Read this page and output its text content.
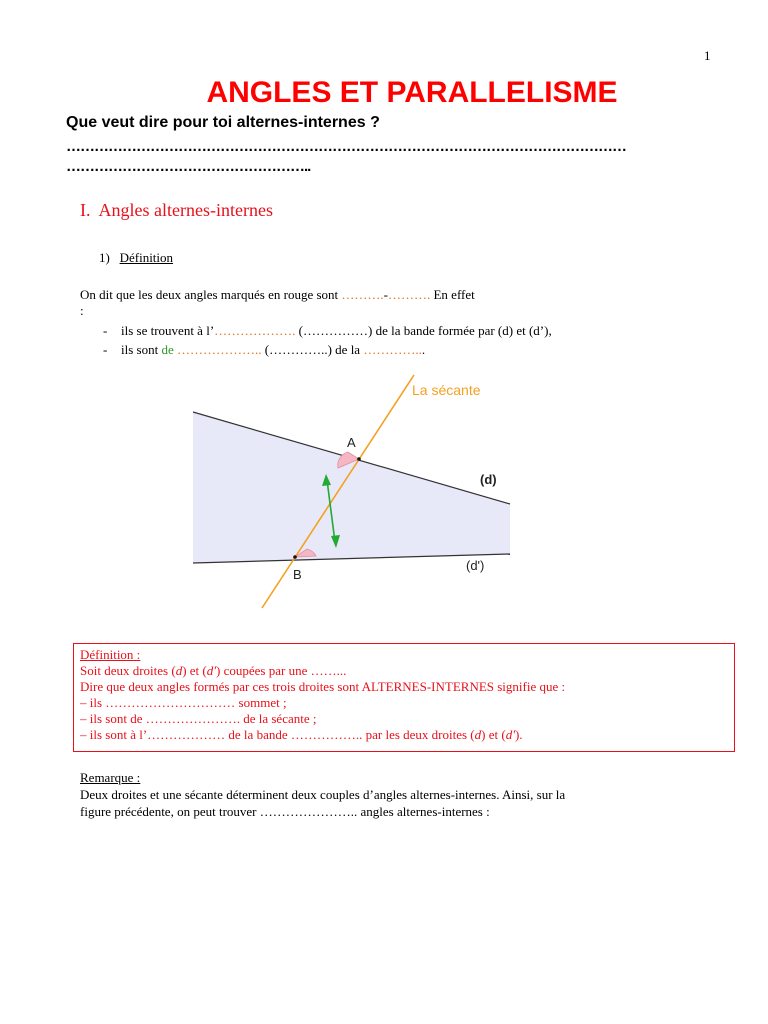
1
ANGLES ET PARALLELISME
Que veut dire pour toi alternes-internes ?
…………………………………………………………………………………………………………
……………………………………………..
I. Angles alternes-internes
1) Définition
On dit que les deux angles marqués en rouge sont ……….-………. En effet
:
- ils se trouvent à l’………………. (……………) de la bande formée par (d) et (d’),
- ils sont de ……………….. (…………..) de la …………...
La sécante
A
B
(d)
(d')
Définition :
Soit deux droites (d) et (d') coupées par une ……...
Dire que deux angles formés par ces trois droites sont ALTERNES-INTERNES signifie que :
– ils ………………………… sommet ;
– ils sont de …………………. de la sécante ;
– ils sont à l’……………… de la bande …………….. par les deux droites (d) et (d').
Remarque :
Deux droites et une sécante déterminent deux couples d’angles alternes-internes. Ainsi, sur la
figure précédente, on peut trouver ………………….. angles alternes-internes :
